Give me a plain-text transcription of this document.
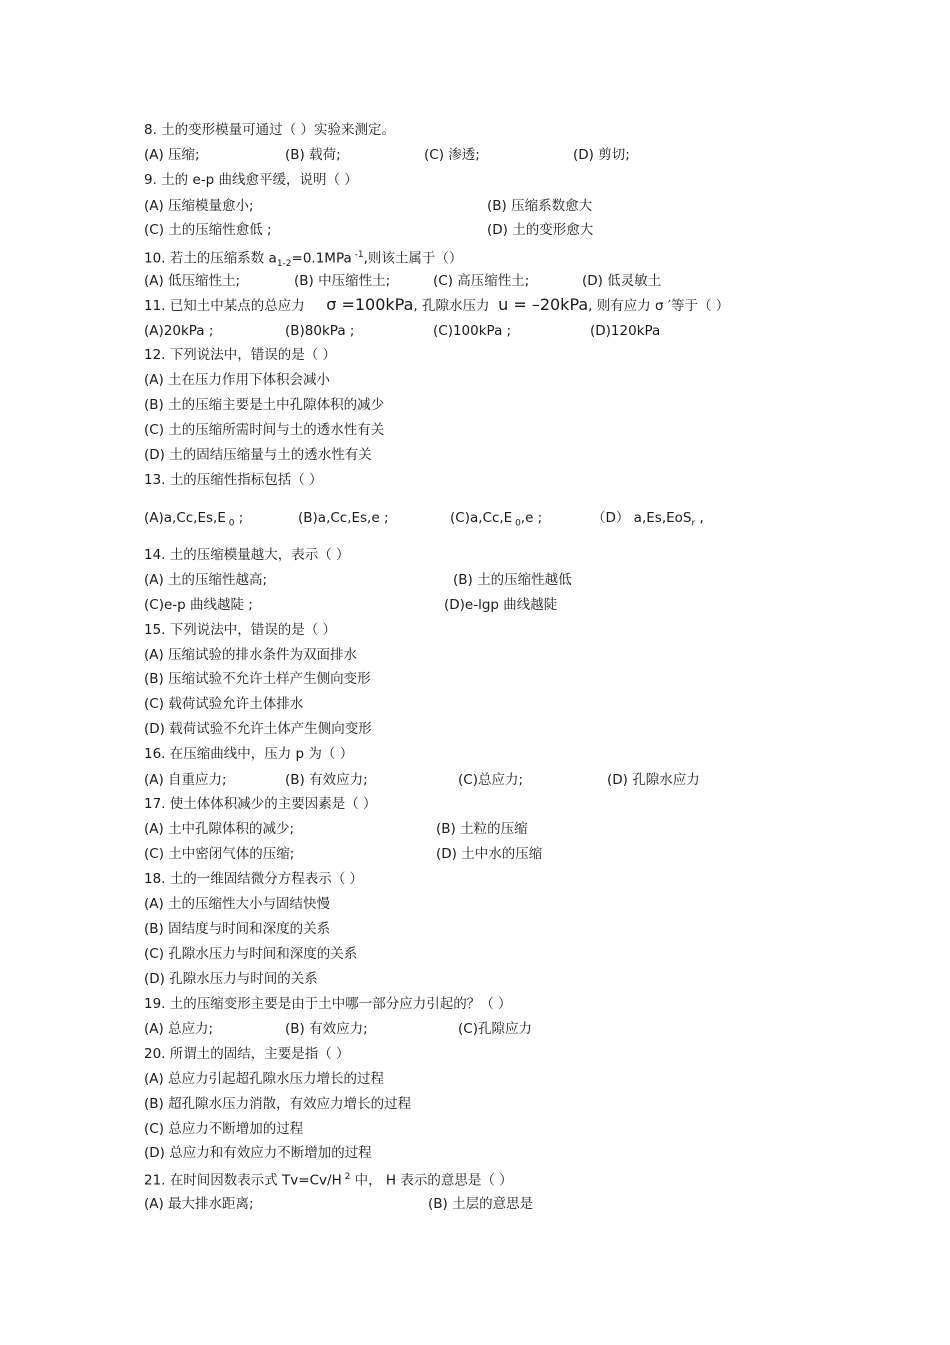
8. 土的变形模量可通过（ ）实验来测定。
(A) 压缩;	(B) 载荷;	(C) 渗透;	(D) 剪切;
9. 土的 e-p 曲线愈平缓，说明（ ）
(A) 压缩模量愈小;	(B) 压缩系数愈大
(C) 土的压缩性愈低 ;	(D) 土的变形愈大
10. 若土的压缩系数 $a_{1-2}=0.1MPa$ $^{-1}$,则该土属于（）
(A) 低压缩性土;	(B) 中压缩性土;	(C) 高压缩性土;	(D) 低灵敏土
11. 已知土中某点的总应力 σ =100kPa, 孔隙水压力 u = –20kPa, 则有应力 σ ′等于（ ）
(A)20kPa ;	(B)80kPa ;	(C)100kPa ;	(D)120kPa
12. 下列说法中，错误的是（ ）
(A) 土在压力作用下体积会减小
(B) 土的压缩主要是土中孔隙体积的减少
(C) 土的压缩所需时间与土的透水性有关
(D) 土的固结压缩量与土的透水性有关
13. 土的压缩性指标包括（ ）
(A)a,Cc,Es,E $_0$ ;	(B)a,Cc,Es,e ;	(C)a,Cc,E $_0$,e ;	（D） a,Es,EoS$_r$ ,
14. 土的压缩模量越大，表示（ ）
(A) 土的压缩性越高;	(B) 土的压缩性越低
(C)e-p 曲线越陡 ;	(D)e-lgp 曲线越陡
15. 下列说法中，错误的是（ ）
(A) 压缩试验的排水条件为双面排水
(B) 压缩试验不允许土样产生侧向变形
(C) 载荷试验允许土体排水
(D) 载荷试验不允许土体产生侧向变形
16. 在压缩曲线中，压力 p 为（ ）
(A) 自重应力;	(B) 有效应力;	(C)总应力;	(D) 孔隙水应力
17. 使土体体积减少的主要因素是（ ）
(A) 土中孔隙体积的减少;	(B) 土粒的压缩
(C) 土中密闭气体的压缩;	(D) 土中水的压缩
18. 土的一维固结微分方程表示（ ）
(A) 土的压缩性大小与固结快慢
(B) 固结度与时间和深度的关系
(C) 孔隙水压力与时间和深度的关系
(D) 孔隙水压力与时间的关系
19. 土的压缩变形主要是由于土中哪一部分应力引起的？（ ）
(A) 总应力;	(B) 有效应力;	(C)孔隙应力
20. 所谓土的固结，主要是指（ ）
(A) 总应力引起超孔隙水压力增长的过程
(B) 超孔隙水压力消散，有效应力增长的过程
(C) 总应力不断增加的过程
(D) 总应力和有效应力不断增加的过程
21. 在时间因数表示式 Tv=Cv/H $^2$ 中， H 表示的意思是（ ）
(A) 最大排水距离;	(B) 土层的意思是
